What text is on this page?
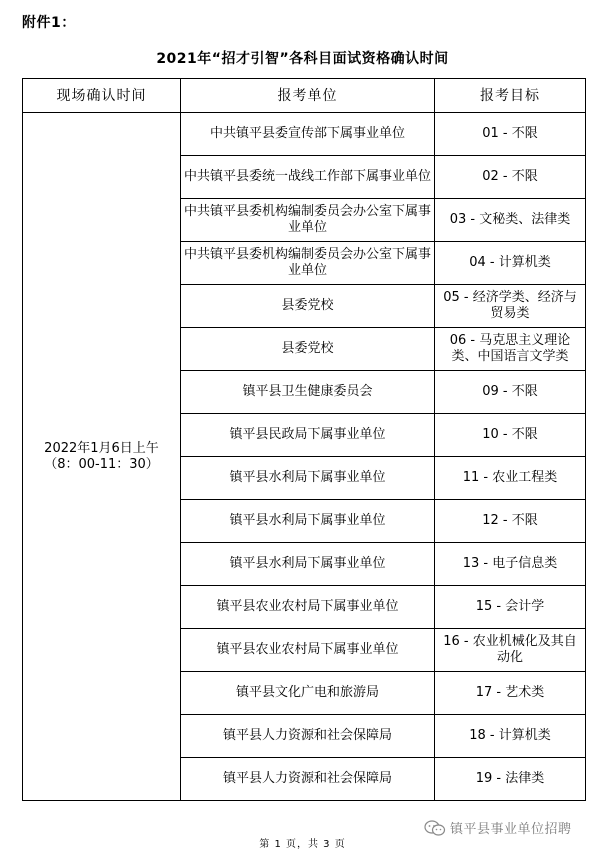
附件1：
2021年“招才引智”各科目面试资格确认时间
现场确认时间	报考单位	报考目标

2022年1月6日上午
（8：00-11：30）	中共镇平县委宣传部下属事业单位	01 - 不限
	中共镇平县委统一战线工作部下属事业单位	02 - 不限
	中共镇平县委机构编制委员会办公室下属事业单位	03 - 文秘类、法律类
	中共镇平县委机构编制委员会办公室下属事业单位	04 - 计算机类
	县委党校	05 - 经济学类、经济与贸易类
	县委党校	06 - 马克思主义理论类、中国语言文学类
	镇平县卫生健康委员会	09 - 不限
	镇平县民政局下属事业单位	10 - 不限
	镇平县水利局下属事业单位	11 - 农业工程类
	镇平县水利局下属事业单位	12 - 不限
	镇平县水利局下属事业单位	13 - 电子信息类
	镇平县农业农村局下属事业单位	15 - 会计学
	镇平县农业农村局下属事业单位	16 - 农业机械化及其自动化
	镇平县文化广电和旅游局	17 - 艺术类
	镇平县人力资源和社会保障局	18 - 计算机类
	镇平县人力资源和社会保障局	19 - 法律类
第 1 页，共 3 页
镇平县事业单位招聘
